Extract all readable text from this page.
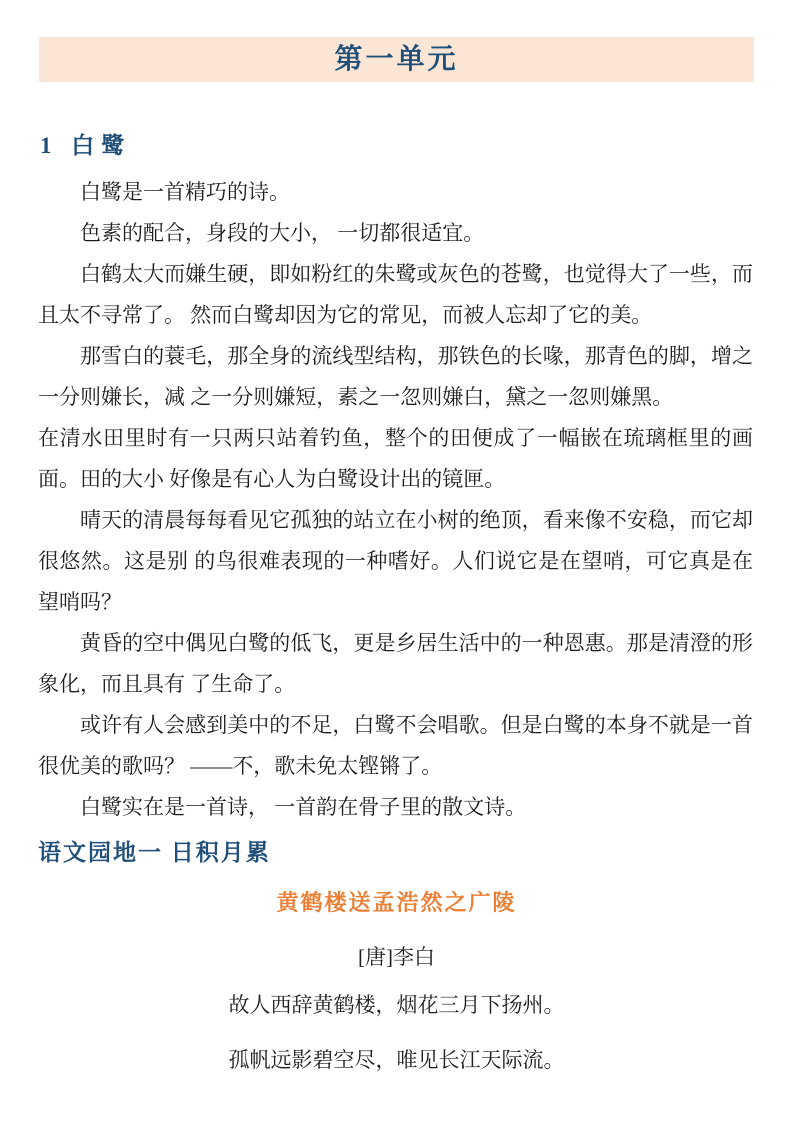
第一单元
1 白鹭

白鹭是一首精巧的诗。

色素的配合，身段的大小， 一切都很适宜。

白鹤太大而嫌生硬，即如粉红的朱鹭或灰色的苍鹭，也觉得大了一些，而且太不寻常了。 然而白鹭却因为它的常见，而被人忘却了它的美。

那雪白的蓑毛，那全身的流线型结构，那铁色的长喙，那青色的脚，增之一分则嫌长，减 之一分则嫌短，素之一忽则嫌白，黛之一忽则嫌黑。

在清水田里时有一只两只站着钓鱼，整个的田便成了一幅嵌在琉璃框里的画面。田的大小 好像是有心人为白鹭设计出的镜匣。

晴天的清晨每每看见它孤独的站立在小树的绝顶，看来像不安稳，而它却很悠然。这是别 的鸟很难表现的一种嗜好。人们说它是在望哨，可它真是在望哨吗？

黄昏的空中偶见白鹭的低飞，更是乡居生活中的一种恩惠。那是清澄的形象化，而且具有 了生命了。

或许有人会感到美中的不足，白鹭不会唱歌。但是白鹭的本身不就是一首很优美的歌吗？ ——不，歌未免太铿锵了。

白鹭实在是一首诗， 一首韵在骨子里的散文诗。

语文园地一 日积月累

黄鹤楼送孟浩然之广陵

[唐]李白

故人西辞黄鹤楼，烟花三月下扬州。

孤帆远影碧空尽，唯见长江天际流。
